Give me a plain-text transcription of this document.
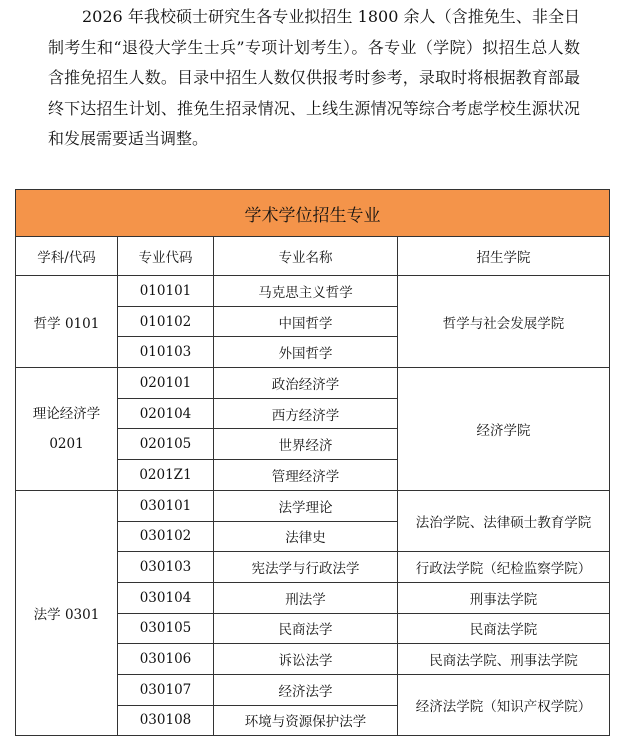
2026 年我校硕士研究生各专业拟招生 1800 余人（含推免生、非全日制考生和“退役大学生士兵”专项计划考生）。各专业（学院）拟招生总人数含推免招生人数。目录中招生人数仅供报考时参考，录取时将根据教育部最终下达招生计划、推免生招录情况、上线生源情况等综合考虑学校生源状况和发展需要适当调整。

学术学位招生专业			
学科/代码	专业代码	专业名称	招生学院
哲学 0101	010101	马克思主义哲学	哲学与社会发展学院
	010102	中国哲学	
	010103	外国哲学	
理论经济学
0201	020101	政治经济学	经济学院
	020104	西方经济学	
	020105	世界经济	
	0201Z1	管理经济学	
法学 0301	030101	法学理论	法治学院、法律硕士教育学院
	030102	法律史	
	030103	宪法学与行政法学	行政法学院（纪检监察学院）
	030104	刑法学	刑事法学院
	030105	民商法学	民商法学院
	030106	诉讼法学	民商法学院、刑事法学院
	030107	经济法学	经济法学院（知识产权学院）
	030108	环境与资源保护法学	
